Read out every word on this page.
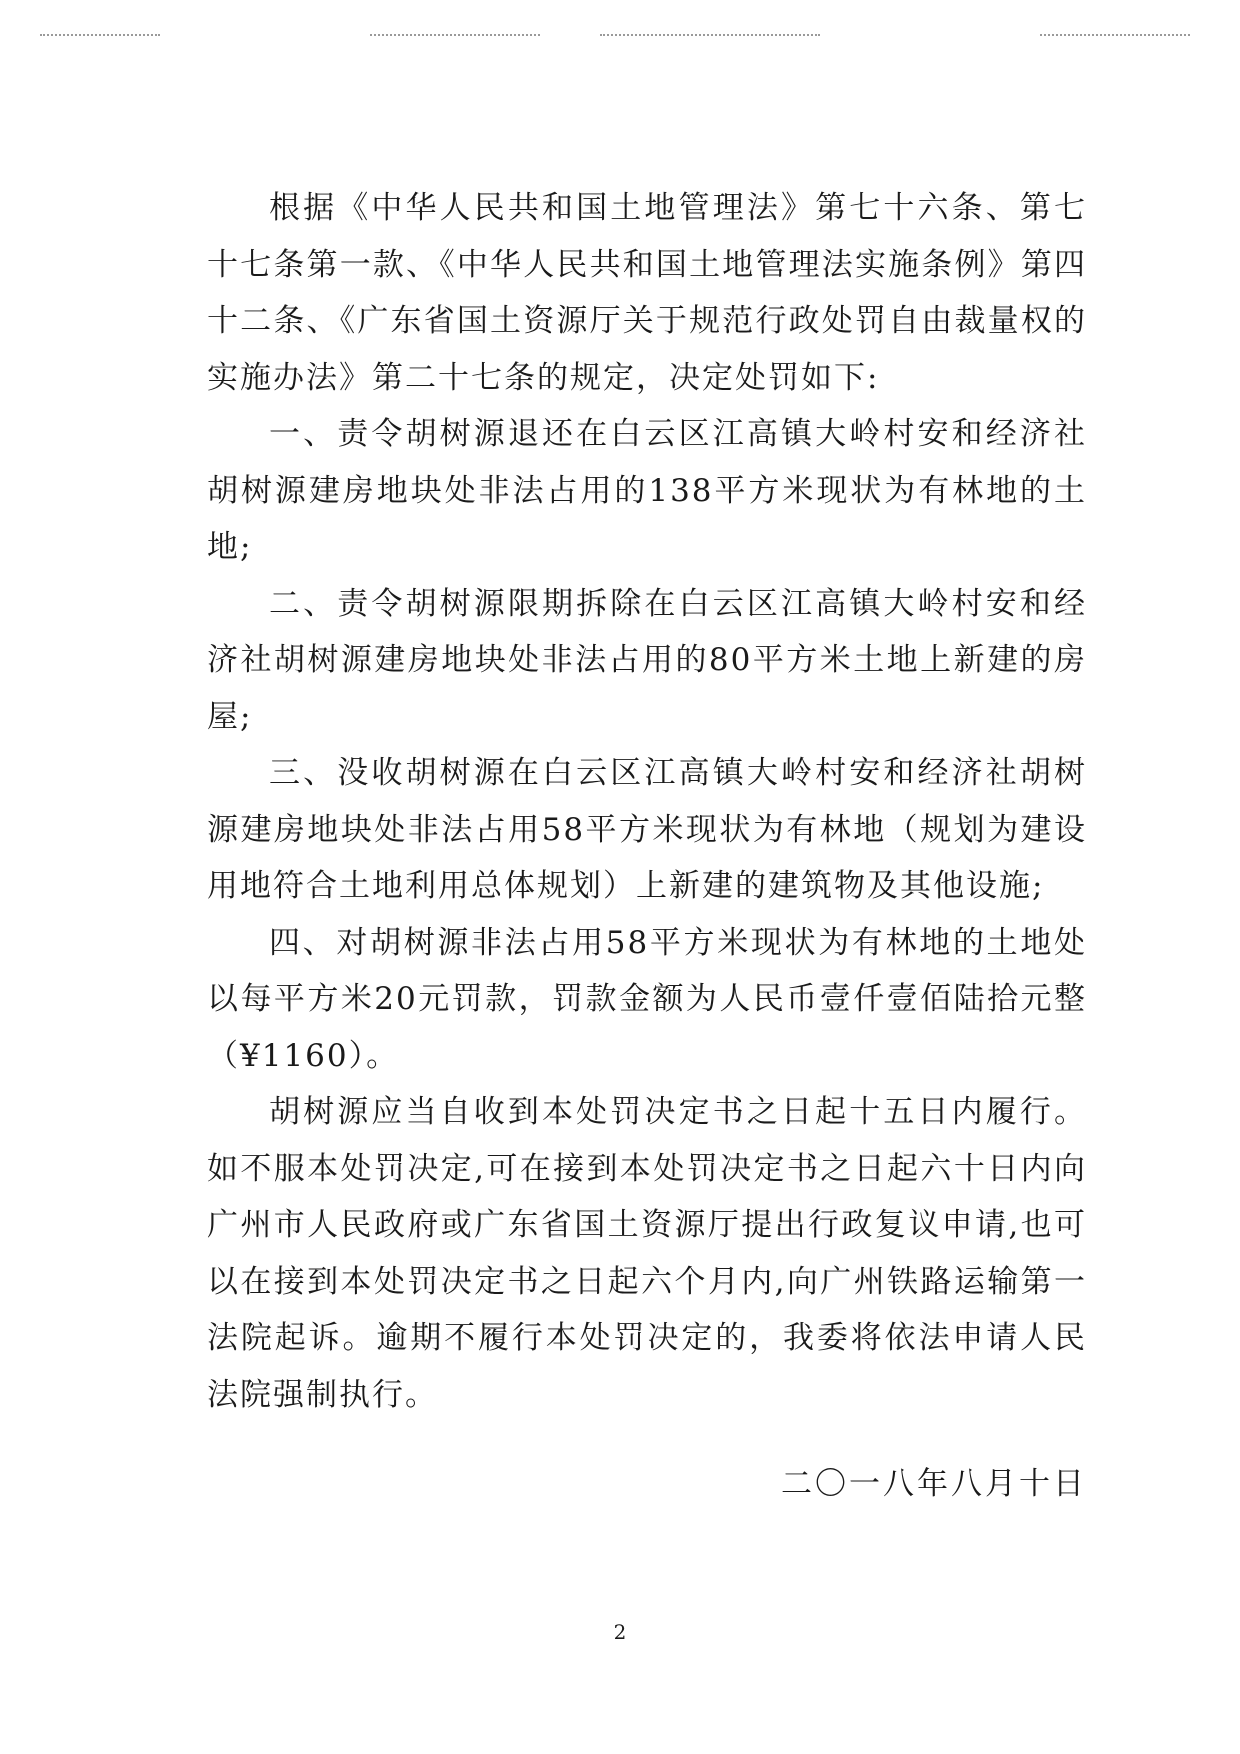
根据《中华人民共和国土地管理法》第七十六条、第七十七条第一款、《中华人民共和国土地管理法实施条例》第四十二条、《广东省国土资源厅关于规范行政处罚自由裁量权的实施办法》第二十七条的规定，决定处罚如下:

一、责令胡树源退还在白云区江高镇大岭村安和经济社胡树源建房地块处非法占用的138平方米现状为有林地的土地;

二、责令胡树源限期拆除在白云区江高镇大岭村安和经济社胡树源建房地块处非法占用的80平方米土地上新建的房屋;

三、没收胡树源在白云区江高镇大岭村安和经济社胡树源建房地块处非法占用58平方米现状为有林地（规划为建设用地符合土地利用总体规划）上新建的建筑物及其他设施;

四、对胡树源非法占用58平方米现状为有林地的土地处以每平方米20元罚款，罚款金额为人民币壹仟壹佰陆拾元整（¥1160）。

胡树源应当自收到本处罚决定书之日起十五日内履行。如不服本处罚决定,可在接到本处罚决定书之日起六十日内向广州市人民政府或广东省国土资源厅提出行政复议申请,也可以在接到本处罚决定书之日起六个月内,向广州铁路运输第一法院起诉。逾期不履行本处罚决定的，我委将依法申请人民法院强制执行。

二〇一八年八月十日
2
